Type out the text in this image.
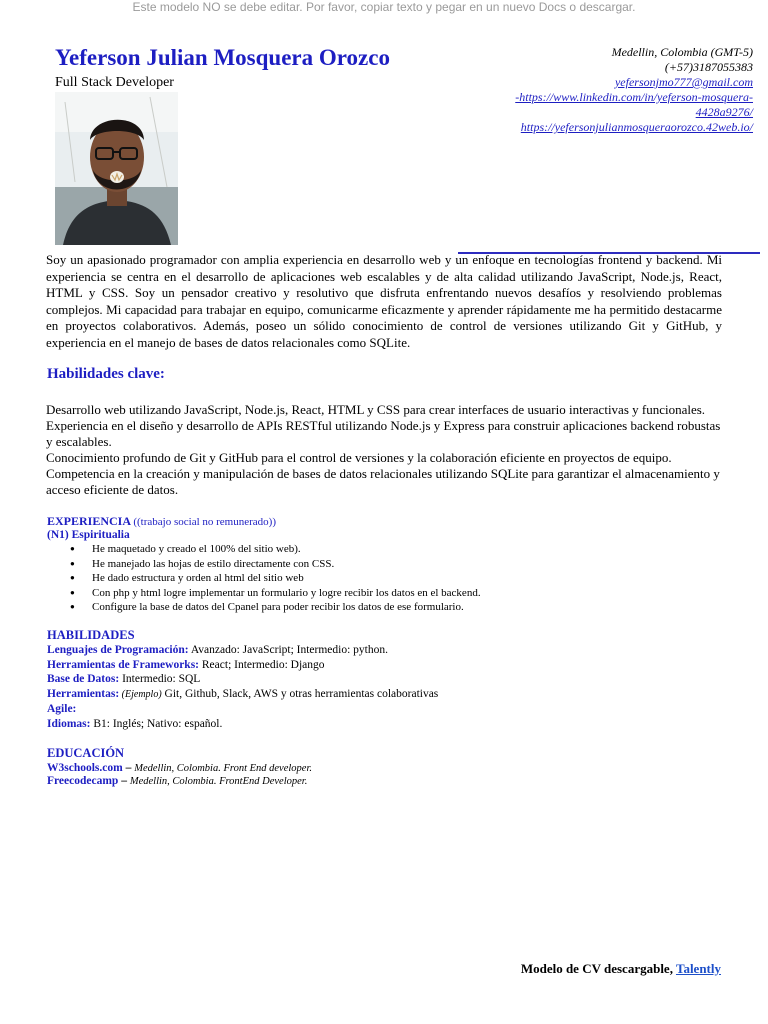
Este modelo NO se debe editar. Por favor, copiar texto y pegar en un nuevo Docs o descargar.
Yeferson Julian Mosquera Orozco
Full Stack Developer
Medellin, Colombia (GMT-5)
(+57)3187055383
yefersonjmo777@gmail.com
-https://www.linkedin.com/in/yeferson-mosquera-
4428a9276/
https://yefersonjulianmosqueraorozco.42web.io/
Soy un apasionado programador con amplia experiencia en desarrollo web y un enfoque en tecnologías frontend y backend. Mi experiencia se centra en el desarrollo de aplicaciones web escalables y de alta calidad utilizando JavaScript, Node.js, React, HTML y CSS. Soy un pensador creativo y resolutivo que disfruta enfrentando nuevos desafíos y resolviendo problemas complejos. Mi capacidad para trabajar en equipo, comunicarme eficazmente y aprender rápidamente me ha permitido destacarme en proyectos colaborativos. Además, poseo un sólido conocimiento de control de versiones utilizando Git y GitHub, y experiencia en el manejo de bases de datos relacionales como SQLite.
Habilidades clave:

Desarrollo web utilizando JavaScript, Node.js, React, HTML y CSS para crear interfaces de usuario interactivas y funcionales.

Experiencia en el diseño y desarrollo de APIs RESTful utilizando Node.js y Express para construir aplicaciones backend robustas y escalables.

Conocimiento profundo de Git y GitHub para el control de versiones y la colaboración eficiente en proyectos de equipo.

Competencia en la creación y manipulación de bases de datos relacionales utilizando SQLite para garantizar el almacenamiento y acceso eficiente de datos.

EXPERIENCIA ((trabajo social no remunerado))
(N1) Espiritualia
● He maquetado y creado el 100% del sitio web).
● He manejado las hojas de estilo directamente con CSS.
● He dado estructura y orden al html del sitio web
● Con php y html logre implementar un formulario y logre recibir los datos en el backend.
● Configure la base de datos del Cpanel para poder recibir los datos de ese formulario.
HABILIDADES
Lenguajes de Programación: Avanzado: JavaScript; Intermedio: python.
Herramientas de Frameworks: React; Intermedio: Django
Base de Datos: Intermedio: SQL
Herramientas: (Ejemplo) Git, Github, Slack, AWS y otras herramientas colaborativas
Agile:
Idiomas: B1: Inglés; Nativo: español.
EDUCACIÓN
W3schools.com – Medellin, Colombia. Front End developer.
Freecodecamp – Medellin, Colombia. FrontEnd Developer.
Modelo de CV descargable, Talently
